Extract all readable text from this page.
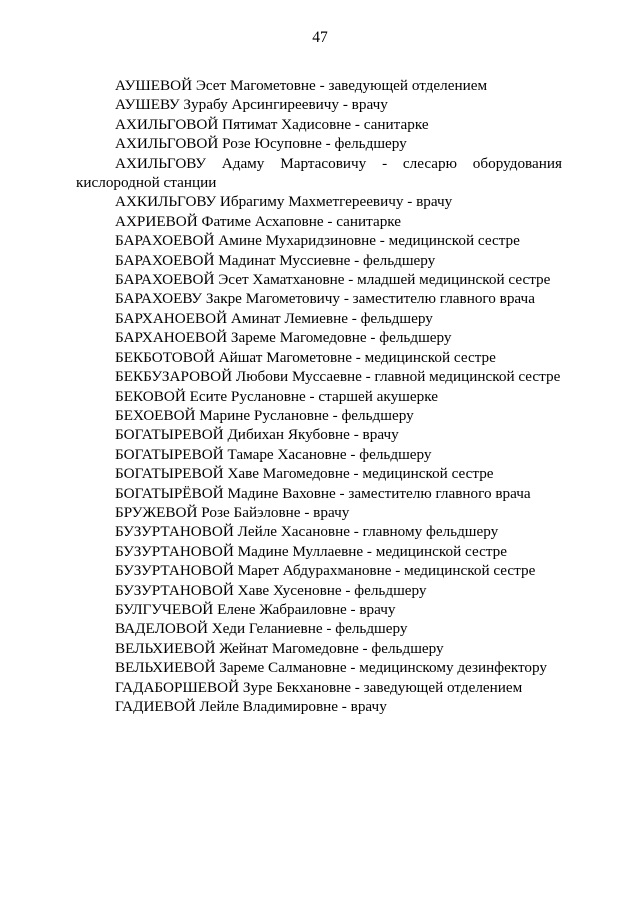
47

АУШЕВОЙ Эсет Магометовне - заведующей отделением

АУШЕВУ Зурабу Арсингиреевичу - врачу

АХИЛЬГОВОЙ Пятимат Хадисовне - санитарке

АХИЛЬГОВОЙ Розе Юсуповне - фельдшеру

АХИЛЬГОВУ Адаму Мартасовичу - слесарю оборудования кислородной станции

АХКИЛЬГОВУ Ибрагиму Махметгереевичу - врачу

АХРИЕВОЙ Фатиме Асхаповне - санитарке

БАРАХОЕВОЙ Амине Мухаридзиновне - медицинской сестре

БАРАХОЕВОЙ Мадинат Муссиевне - фельдшеру

БАРАХОЕВОЙ Эсет Хаматхановне - младшей медицинской сестре

БАРАХОЕВУ Закре Магометовичу - заместителю главного врача

БАРХАНОЕВОЙ Аминат Лемиевне - фельдшеру

БАРХАНОЕВОЙ Зареме Магомедовне - фельдшеру

БЕКБОТОВОЙ Айшат Магометовне - медицинской сестре

БЕКБУЗАРОВОЙ Любови Муссаевне - главной медицинской сестре

БЕКОВОЙ Есите Руслановне - старшей акушерке

БЕХОЕВОЙ Марине Руслановне - фельдшеру

БОГАТЫРЕВОЙ Дибихан Якубовне - врачу

БОГАТЫРЕВОЙ Тамаре Хасановне - фельдшеру

БОГАТЫРЕВОЙ Хаве Магомедовне - медицинской сестре

БОГАТЫРЁВОЙ Мадине Ваховне - заместителю главного врача

БРУЖЕВОЙ Розе Байэловне - врачу

БУЗУРТАНОВОЙ Лейле Хасановне - главному фельдшеру

БУЗУРТАНОВОЙ Мадине Муллаевне - медицинской сестре

БУЗУРТАНОВОЙ Марет Абдурахмановне - медицинской сестре

БУЗУРТАНОВОЙ Хаве Хусеновне - фельдшеру

БУЛГУЧЕВОЙ Елене Жабраиловне - врачу

ВАДЕЛОВОЙ Хеди Геланиевне - фельдшеру

ВЕЛЬХИЕВОЙ Жейнат Магомедовне - фельдшеру

ВЕЛЬХИЕВОЙ Зареме Салмановне - медицинскому дезинфектору

ГАДАБОРШЕВОЙ Зуре Бекхановне - заведующей отделением

ГАДИЕВОЙ Лейле Владимировне - врачу
